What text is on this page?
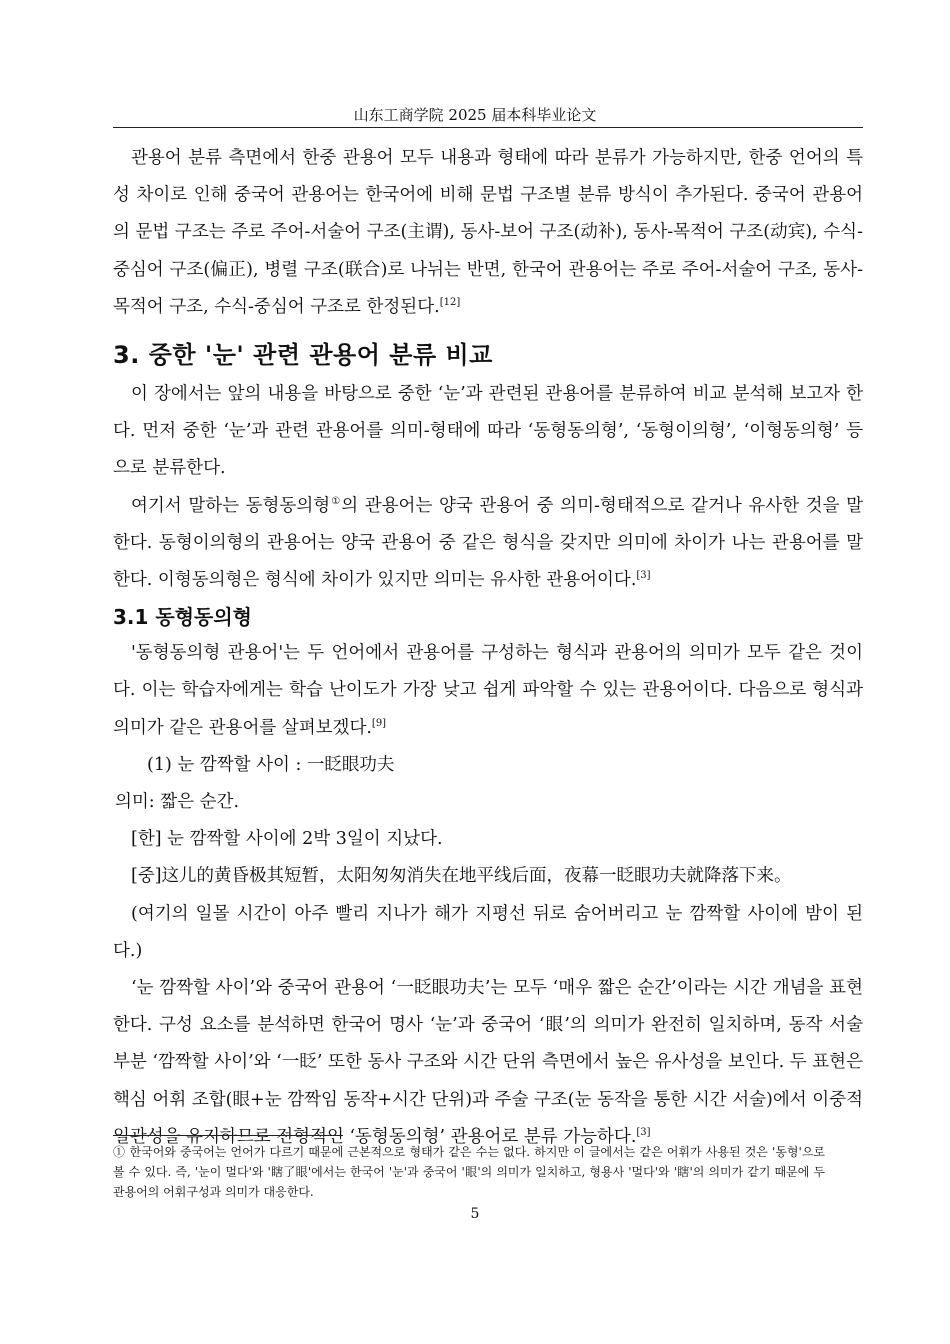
山东工商学院 2025 届本科毕业论文

관용어 분류 측면에서 한중 관용어 모두 내용과 형태에 따라 분류가 가능하지만, 한중 언어의 특성 차이로 인해 중국어 관용어는 한국어에 비해 문법 구조별 분류 방식이 추가된다. 중국어 관용어의 문법 구조는 주로 주어-서술어 구조(主谓), 동사-보어 구조(动补), 동사-목적어 구조(动宾), 수식-중심어 구조(偏正), 병렬 구조(联合)로 나뉘는 반면, 한국어 관용어는 주로 주어-서술어 구조, 동사-목적어 구조, 수식-중심어 구조로 한정된다.[12]

3. 중한 '눈' 관련 관용어 분류 비교

이 장에서는 앞의 내용을 바탕으로 중한 ‘눈’과 관련된 관용어를 분류하여 비교 분석해 보고자 한다. 먼저 중한 ‘눈’과 관련 관용어를 의미-형태에 따라 ‘동형동의형’, ‘동형이의형’, ‘이형동의형’ 등으로 분류한다.

여기서 말하는 동형동의형①의 관용어는 양국 관용어 중 의미-형태적으로 같거나 유사한 것을 말한다. 동형이의형의 관용어는 양국 관용어 중 같은 형식을 갖지만 의미에 차이가 나는 관용어를 말한다. 이형동의형은 형식에 차이가 있지만 의미는 유사한 관용어이다.[3]

3.1 동형동의형

'동형동의형 관용어'는 두 언어에서 관용어를 구성하는 형식과 관용어의 의미가 모두 같은 것이다. 이는 학습자에게는 학습 난이도가 가장 낮고 쉽게 파악할 수 있는 관용어이다. 다음으로 형식과 의미가 같은 관용어를 살펴보겠다.[9]

(1) 눈 깜짝할 사이 : 一眨眼功夫

의미: 짧은 순간.

[한] 눈 깜짝할 사이에 2박 3일이 지났다.

[중]这儿的黄昏极其短暂，太阳匆匆消失在地平线后面，夜幕一眨眼功夫就降落下来。

(여기의 일몰 시간이 아주 빨리 지나가 해가 지평선 뒤로 숨어버리고 눈 깜짝할 사이에 밤이 된다.)

‘눈 깜짝할 사이’와 중국어 관용어 ‘一眨眼功夫’는 모두 ‘매우 짧은 순간’이라는 시간 개념을 표현한다. 구성 요소를 분석하면 한국어 명사 ‘눈’과 중국어 ‘眼’의 의미가 완전히 일치하며, 동작 서술 부분 ‘깜짝할 사이’와 ‘一眨’ 또한 동사 구조와 시간 단위 측면에서 높은 유사성을 보인다. 두 표현은 핵심 어휘 조합(眼+눈 깜짝임 동작+시간 단위)과 주술 구조(눈 동작을 통한 시간 서술)에서 이중적 일관성을 유지하므로 전형적인 ‘동형동의형’ 관용어로 분류 가능하다.[3]

① 한국어와 중국어는 언어가 다르기 때문에 근본적으로 형태가 같은 수는 없다. 하지만 이 글에서는 같은 어휘가 사용된 것은 '동형'으로 볼 수 있다. 즉, '눈이 멀다'와 '瞎了眼'에서는 한국어 '눈'과 중국어 '眼'의 의미가 일치하고, 형용사 '멀다'와 '瞎'의 의미가 같기 때문에 두 관용어의 어휘구성과 의미가 대응한다.

5
